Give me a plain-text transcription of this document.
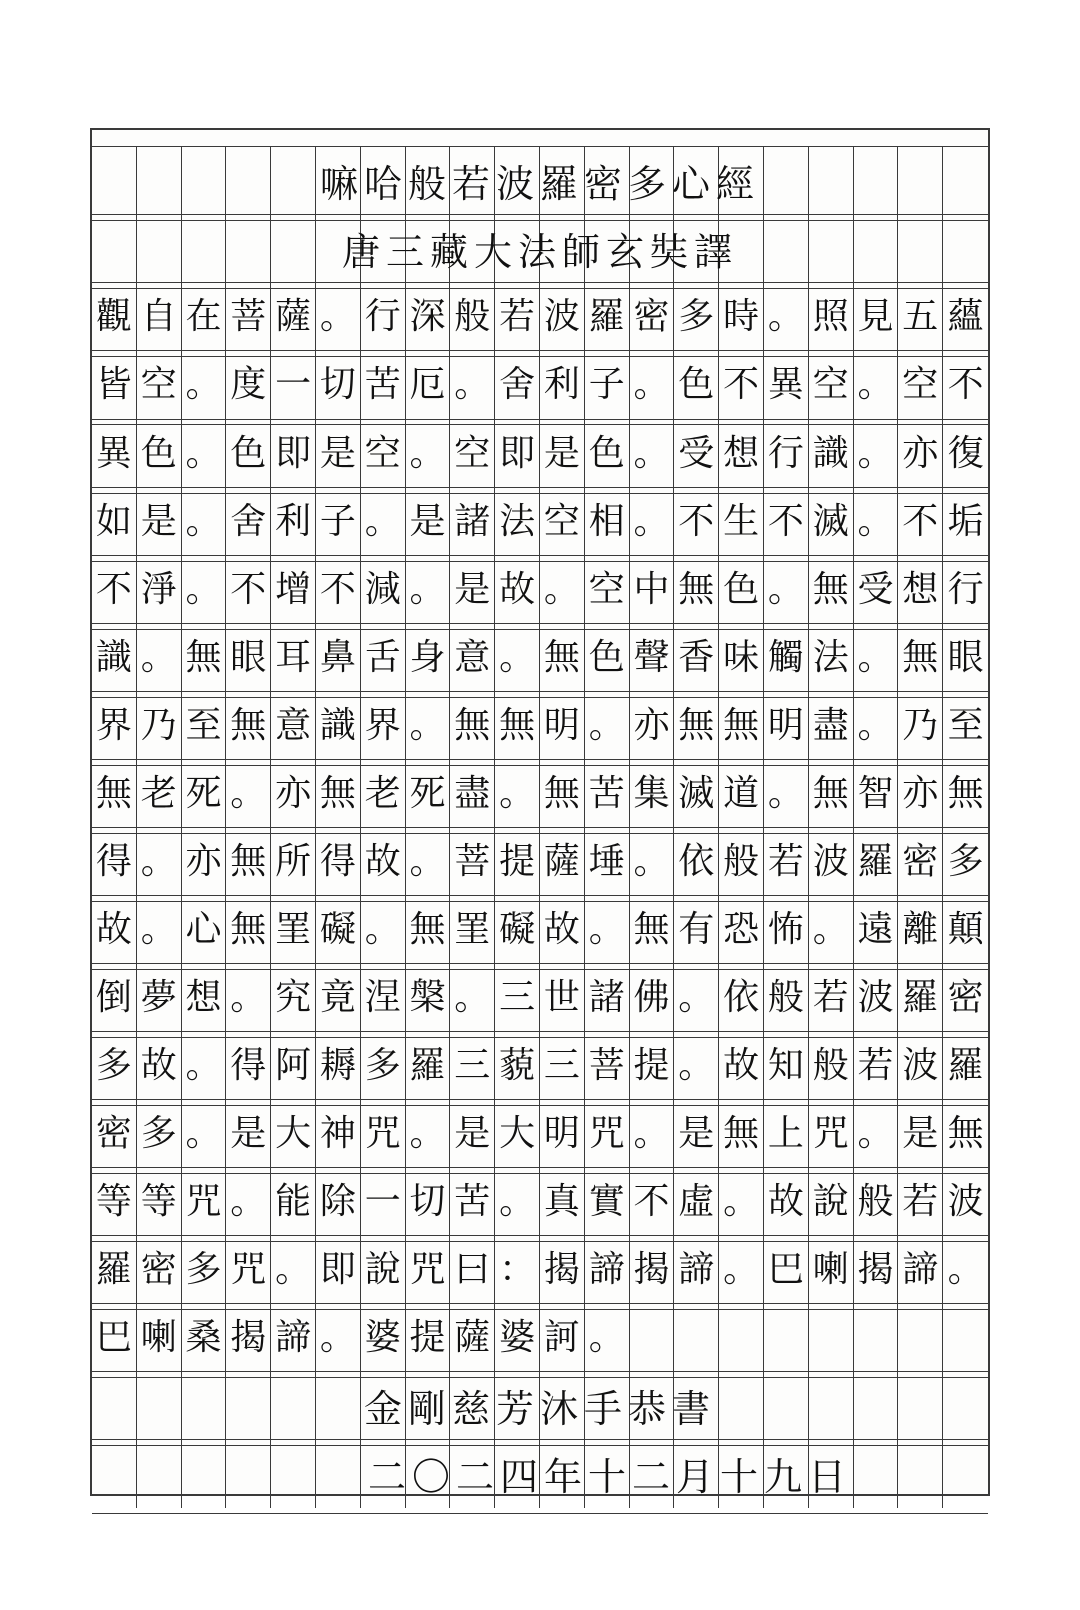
嘛哈般若波羅密多心經
唐三藏大法師玄奘譯
觀 自 在 菩 薩 。 行 深 般 若 波 羅 密 多 時 。 照 見 五 蘊
皆 空 。 度 一 切 苦 厄 。 舍 利 子 。 色 不 異 空 。 空 不
異 色 。 色 即 是 空 。 空 即 是 色 。 受 想 行 識 。 亦 復
如 是 。 舍 利 子 。 是 諸 法 空 相 。 不 生 不 滅 。 不 垢
不 淨 。 不 增 不 減 。 是 故 。 空 中 無 色 。 無 受 想 行
識 。 無 眼 耳 鼻 舌 身 意 。 無 色 聲 香 味 觸 法 。 無 眼
界 乃 至 無 意 識 界 。 無 無 明 。 亦 無 無 明 盡 。 乃 至
無 老 死 。 亦 無 老 死 盡 。 無 苦 集 滅 道 。 無 智 亦 無
得 。 亦 無 所 得 故 。 菩 提 薩 埵 。 依 般 若 波 羅 密 多
故 。 心 無 罣 礙 。 無 罣 礙 故 。 無 有 恐 怖 。 遠 離 顛
倒 夢 想 。 究 竟 涅 槃 。 三 世 諸 佛 。 依 般 若 波 羅 密
多 故 。 得 阿 耨 多 羅 三 藐 三 菩 提 。 故 知 般 若 波 羅
密 多 。 是 大 神 咒 。 是 大 明 咒 。 是 無 上 咒 。 是 無
等 等 咒 。 能 除 一 切 苦 。 真 實 不 虛 。 故 說 般 若 波
羅 密 多 咒 。 即 說 咒 曰 ： 揭 諦 揭 諦 。 巴 喇 揭 諦 。
巴 喇 桑 揭 諦 。 婆 提 薩 婆 訶 。
金剛慈芳沐手恭書
二〇二四年十二月十九日
